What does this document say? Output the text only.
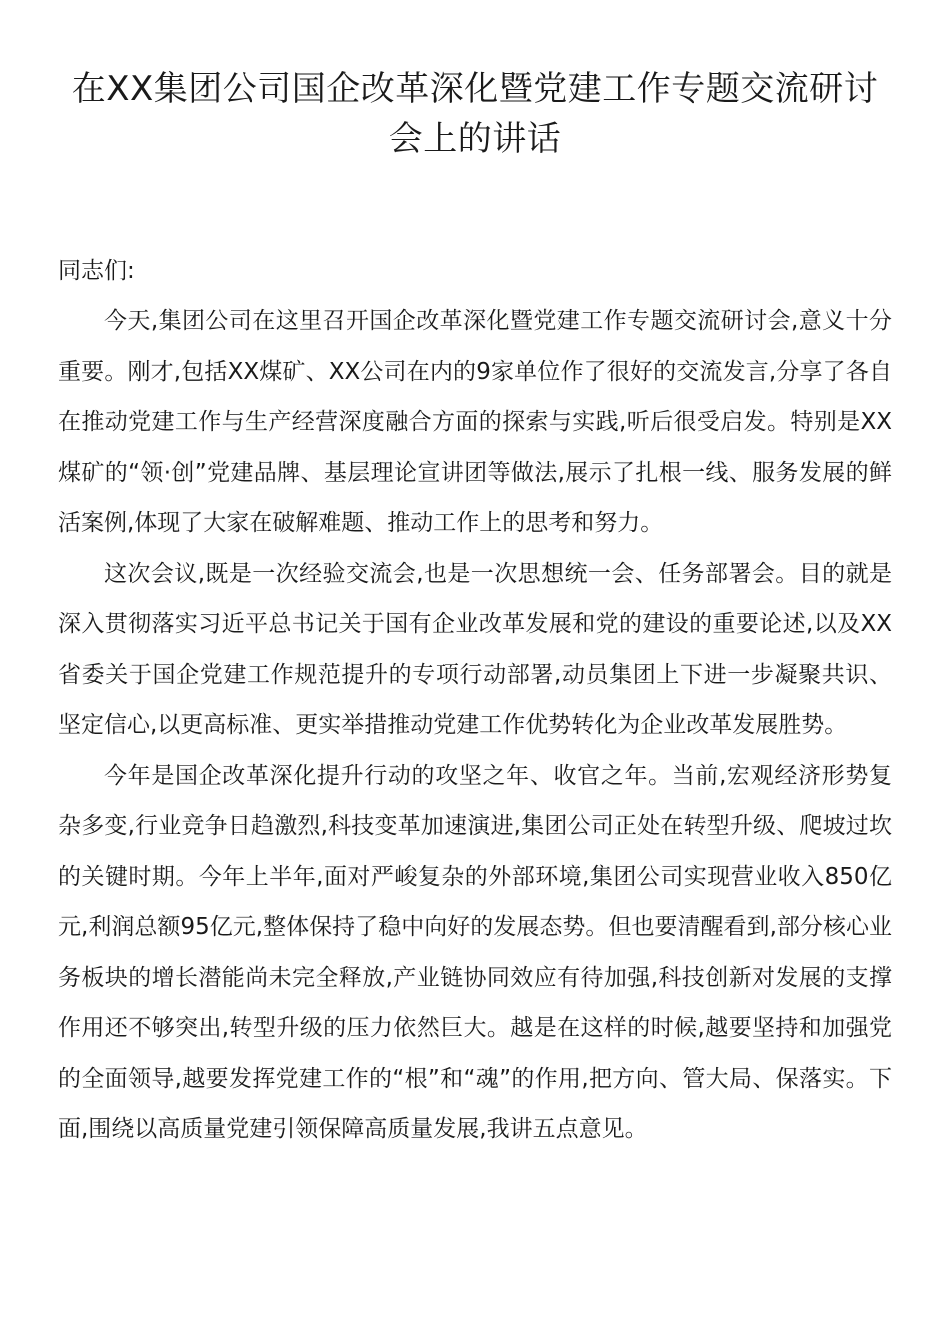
在XX集团公司国企改革深化暨党建工作专题交流研讨会上的讲话

同志们:

今天,集团公司在这里召开国企改革深化暨党建工作专题交流研讨会,意义十分重要。刚才,包括XX煤矿、XX公司在内的9家单位作了很好的交流发言,分享了各自在推动党建工作与生产经营深度融合方面的探索与实践,听后很受启发。特别是XX煤矿的“领·创”党建品牌、基层理论宣讲团等做法,展示了扎根一线、服务发展的鲜活案例,体现了大家在破解难题、推动工作上的思考和努力。

这次会议,既是一次经验交流会,也是一次思想统一会、任务部署会。目的就是深入贯彻落实习近平总书记关于国有企业改革发展和党的建设的重要论述,以及XX省委关于国企党建工作规范提升的专项行动部署,动员集团上下进一步凝聚共识、坚定信心,以更高标准、更实举措推动党建工作优势转化为企业改革发展胜势。

今年是国企改革深化提升行动的攻坚之年、收官之年。当前,宏观经济形势复杂多变,行业竞争日趋激烈,科技变革加速演进,集团公司正处在转型升级、爬坡过坎的关键时期。今年上半年,面对严峻复杂的外部环境,集团公司实现营业收入850亿元,利润总额95亿元,整体保持了稳中向好的发展态势。但也要清醒看到,部分核心业务板块的增长潜能尚未完全释放,产业链协同效应有待加强,科技创新对发展的支撑作用还不够突出,转型升级的压力依然巨大。越是在这样的时候,越要坚持和加强党的全面领导,越要发挥党建工作的“根”和“魂”的作用,把方向、管大局、保落实。下面,围绕以高质量党建引领保障高质量发展,我讲五点意见。
